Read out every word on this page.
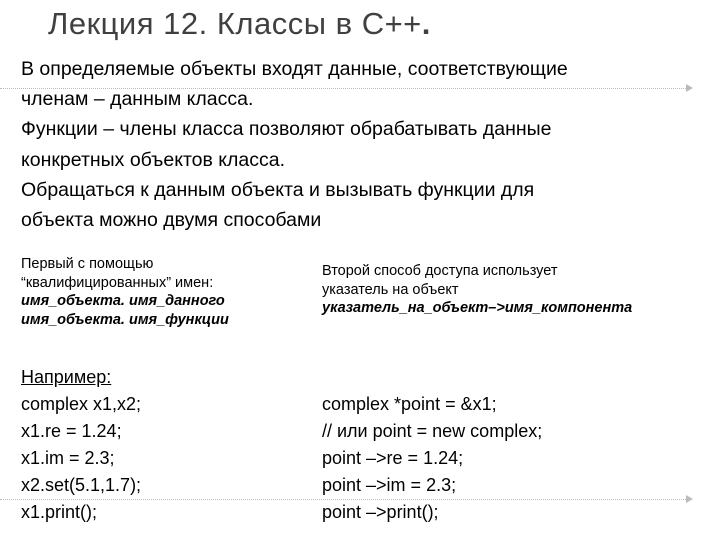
Лекция 12. Классы в С++.

В определяемые объекты входят данные, соответствующие

членам – данным класса.

Функции – члены класса позволяют обрабатывать данные

конкретных объектов класса.

Обращаться к данным объекта и вызывать функции для

объекта можно двумя способами

Первый с помощью
“квалифицированных” имен:
имя_объекта. имя_данного
имя_объекта. имя_функции
Второй способ доступа использует
указатель на объект
указатель_на_объект–>имя_компонента
Например:
complex x1,x2;
x1.re = 1.24;
x1.im = 2.3;
x2.set(5.1,1.7);
x1.print();
complex *point = &x1;
// или point = new complex;
point –>re = 1.24;
point –>im = 2.3;
point –>print();
